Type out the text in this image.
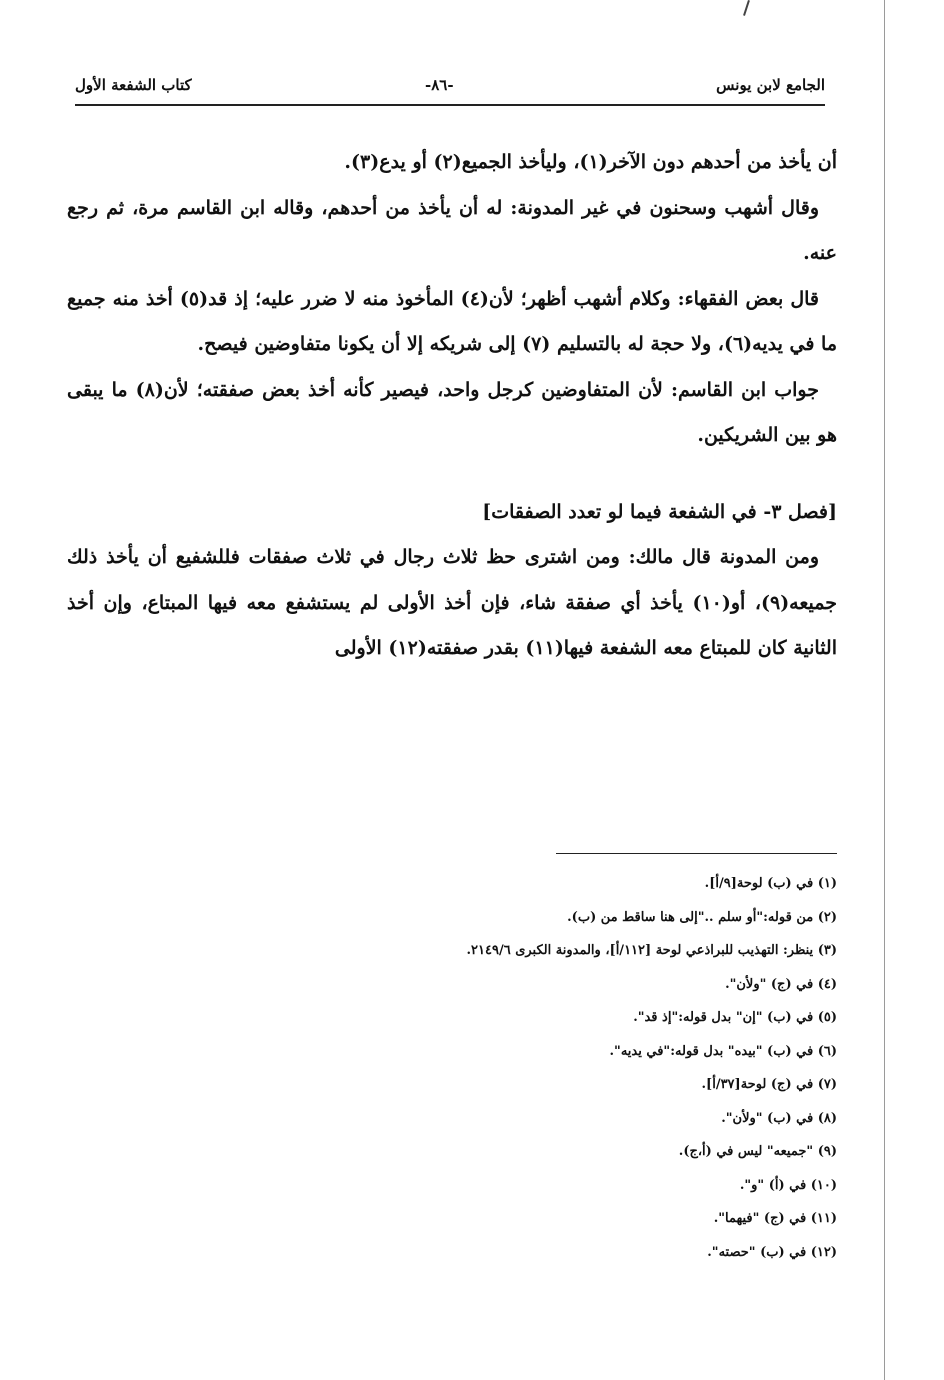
الجامع لابن يونس
-٨٦-
كتاب الشفعة الأول

أن يأخذ من أحدهم دون الآخر(١)، وليأخذ الجميع(٢) أو يدع(٣).

وقال أشهب وسحنون في غير المدونة: له أن يأخذ من أحدهم، وقاله ابن القاسم مرة، ثم رجع عنه.

قال بعض الفقهاء: وكلام أشهب أظهر؛ لأن(٤) المأخوذ منه لا ضرر عليه؛ إذ قد(٥) أخذ منه جميع ما في يديه(٦)، ولا حجة له بالتسليم (٧) إلى شريكه إلا أن يكونا متفاوضين فيصح.

جواب ابن القاسم: لأن المتفاوضين كرجل واحد، فيصير كأنه أخذ بعض صفقته؛ لأن(٨) ما يبقى هو بين الشريكين.

[فصل ٣- في الشفعة فيما لو تعدد الصفقات]

ومن المدونة قال مالك: ومن اشترى حظ ثلاث رجال في ثلاث صفقات فللشفيع أن يأخذ ذلك جميعه(٩)، أو(١٠) يأخذ أي صفقة شاء، فإن أخذ الأولى لم يستشفع معه فيها المبتاع، وإن أخذ الثانية كان للمبتاع معه الشفعة فيها(١١) بقدر صفقته(١٢) الأولى

(١) في (ب) لوحة[٩/أ].
(٢) من قوله:"أو سلم .."إلى هنا ساقط من (ب).
(٣) ينظر: التهذيب للبراذعي لوحة [١١٢/أ]، والمدونة الكبرى ٢١٤٩/٦.
(٤) في (ج) "ولأن".
(٥) في (ب) "إن" بدل قوله:"إذ قد".
(٦) في (ب) "بيده" بدل قوله:"في يديه".
(٧) في (ج) لوحة[٣٧/أ].
(٨) في (ب) "ولأن".
(٩) "جميعه" ليس في (أ،ج).
(١٠) في (أ) "و".
(١١) في (ج) "فيهما".
(١٢) في (ب) "حصته".
